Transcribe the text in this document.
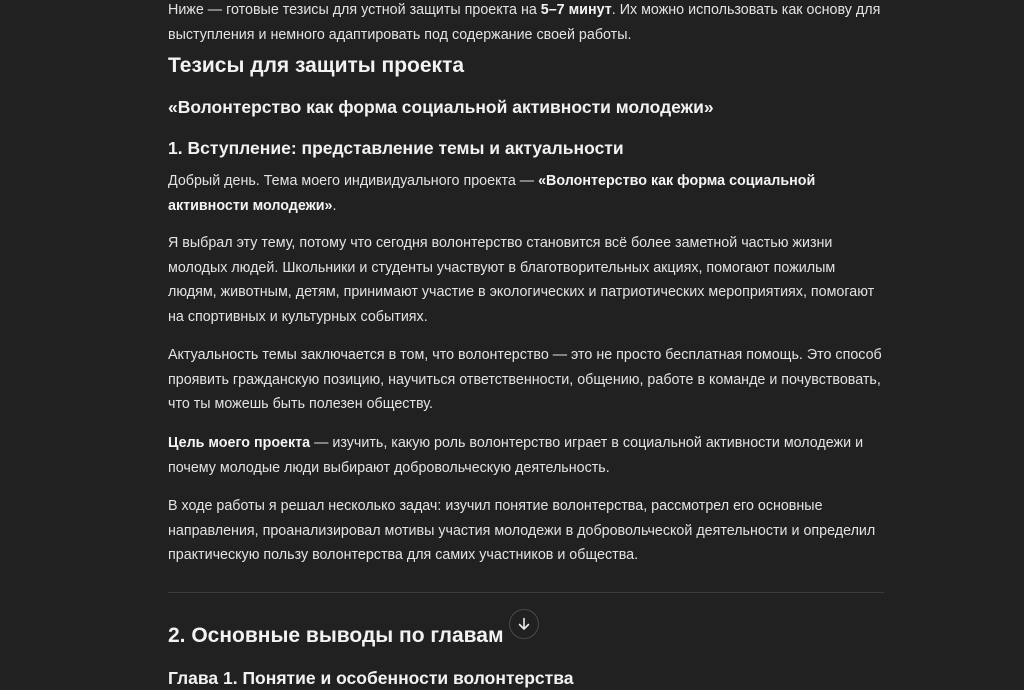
Ниже — готовые тезисы для устной защиты проекта на 5–7 минут. Их можно использовать как основу для выступления и немного адаптировать под содержание своей работы.

Тезисы для защиты проекта
«Волонтерство как форма социальной активности молодежи»
1. Вступление: представление темы и актуальности

Добрый день. Тема моего индивидуального проекта — «Волонтерство как форма социальной активности молодежи».

Я выбрал эту тему, потому что сегодня волонтерство становится всё более заметной частью жизни молодых людей. Школьники и студенты участвуют в благотворительных акциях, помогают пожилым людям, животным, детям, принимают участие в экологических и патриотических мероприятиях, помогают на спортивных и культурных событиях.

Актуальность темы заключается в том, что волонтерство — это не просто бесплатная помощь. Это способ проявить гражданскую позицию, научиться ответственности, общению, работе в команде и почувствовать, что ты можешь быть полезен обществу.

Цель моего проекта — изучить, какую роль волонтерство играет в социальной активности молодежи и почему молодые люди выбирают добровольческую деятельность.

В ходе работы я решал несколько задач: изучил понятие волонтерства, рассмотрел его основные направления, проанализировал мотивы участия молодежи в добровольческой деятельности и определил практическую пользу волонтерства для самих участников и общества.

2. Основные выводы по главам
Глава 1. Понятие и особенности волонтерства
